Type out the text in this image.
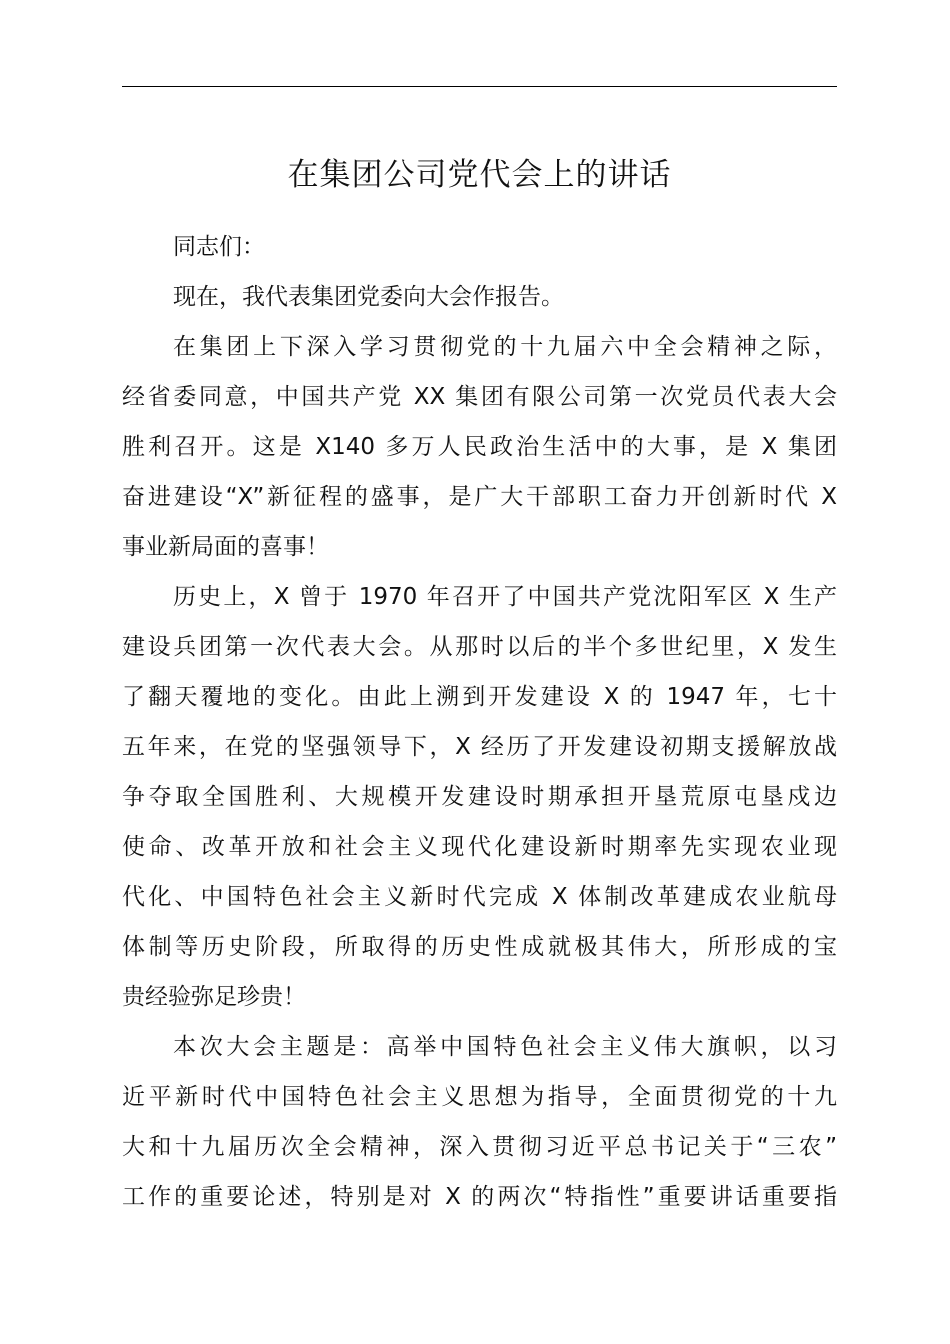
在集团公司党代会上的讲话
同志们：
现在，我代表集团党委向大会作报告。
在集团上下深入学习贯彻党的十九届六中全会精神之际，
经省委同意，中国共产党 XX 集团有限公司第一次党员代表大会
胜利召开。这是 X140 多万人民政治生活中的大事，是 X 集团
奋进建设“X”新征程的盛事，是广大干部职工奋力开创新时代 X
事业新局面的喜事！
历史上，X 曾于 1970 年召开了中国共产党沈阳军区 X 生产
建设兵团第一次代表大会。从那时以后的半个多世纪里，X 发生
了翻天覆地的变化。由此上溯到开发建设 X 的 1947 年，七十
五年来，在党的坚强领导下，X 经历了开发建设初期支援解放战
争夺取全国胜利、大规模开发建设时期承担开垦荒原屯垦戍边
使命、改革开放和社会主义现代化建设新时期率先实现农业现
代化、中国特色社会主义新时代完成 X 体制改革建成农业航母
体制等历史阶段，所取得的历史性成就极其伟大，所形成的宝
贵经验弥足珍贵！
本次大会主题是：高举中国特色社会主义伟大旗帜，以习
近平新时代中国特色社会主义思想为指导，全面贯彻党的十九
大和十九届历次全会精神，深入贯彻习近平总书记关于“三农”
工作的重要论述，特别是对 X 的两次“特指性”重要讲话重要指
